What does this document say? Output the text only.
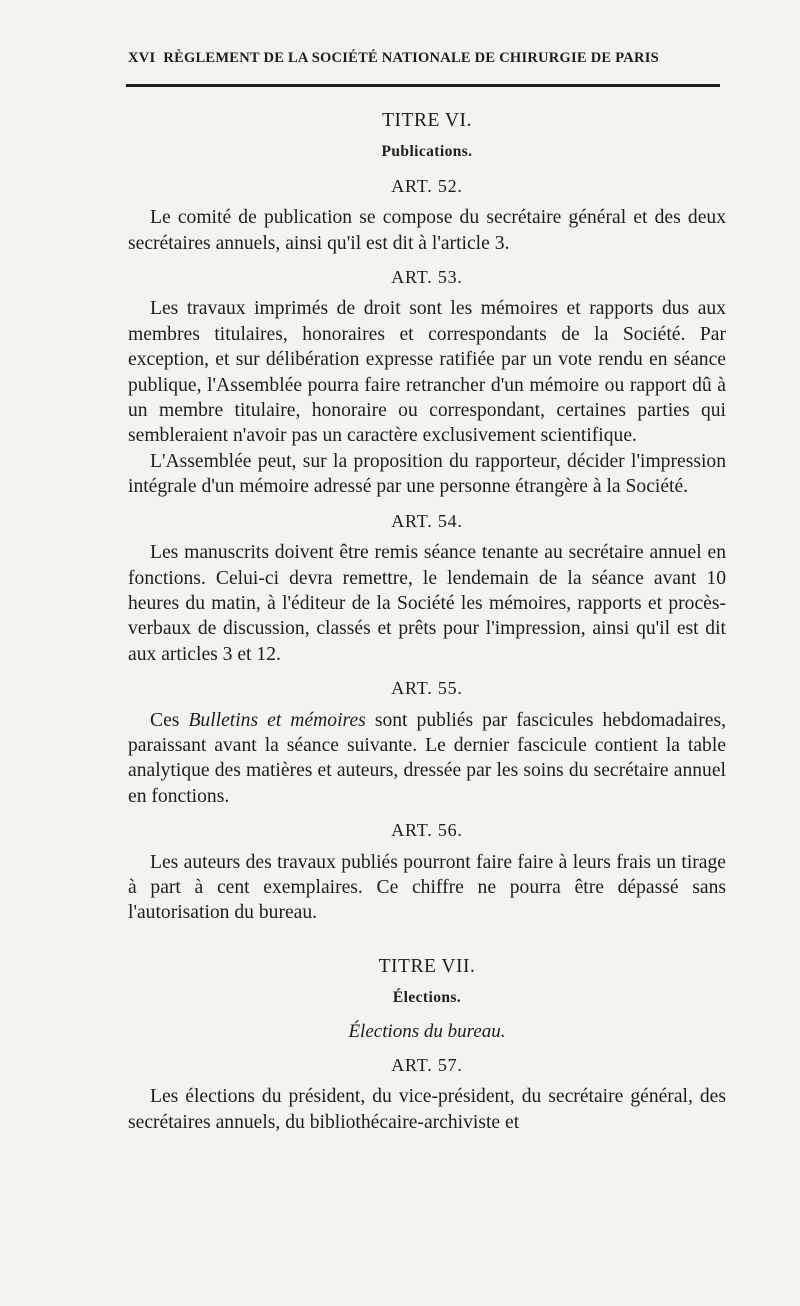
XVI RÈGLEMENT DE LA SOCIÉTÉ NATIONALE DE CHIRURGIE DE PARIS

TITRE VI.

Publications.

ART. 52.

Le comité de publication se compose du secrétaire général et des deux secrétaires annuels, ainsi qu'il est dit à l'article 3.

ART. 53.

Les travaux imprimés de droit sont les mémoires et rapports dus aux membres titulaires, honoraires et correspondants de la Société. Par exception, et sur délibération expresse ratifiée par un vote rendu en séance publique, l'Assemblée pourra faire retrancher d'un mémoire ou rapport dû à un membre titulaire, honoraire ou correspondant, certaines parties qui sembleraient n'avoir pas un caractère exclusivement scientifique.

L'Assemblée peut, sur la proposition du rapporteur, décider l'impression intégrale d'un mémoire adressé par une personne étrangère à la Société.

ART. 54.

Les manuscrits doivent être remis séance tenante au secrétaire annuel en fonctions. Celui-ci devra remettre, le lendemain de la séance avant 10 heures du matin, à l'éditeur de la Société les mémoires, rapports et procès-verbaux de discussion, classés et prêts pour l'impression, ainsi qu'il est dit aux articles 3 et 12.

ART. 55.

Ces Bulletins et mémoires sont publiés par fascicules hebdomadaires, paraissant avant la séance suivante. Le dernier fascicule contient la table analytique des matières et auteurs, dressée par les soins du secrétaire annuel en fonctions.

ART. 56.

Les auteurs des travaux publiés pourront faire faire à leurs frais un tirage à part à cent exemplaires. Ce chiffre ne pourra être dépassé sans l'autorisation du bureau.

TITRE VII.

Élections.

Élections du bureau.

ART. 57.

Les élections du président, du vice-président, du secrétaire général, des secrétaires annuels, du bibliothécaire-archiviste et
